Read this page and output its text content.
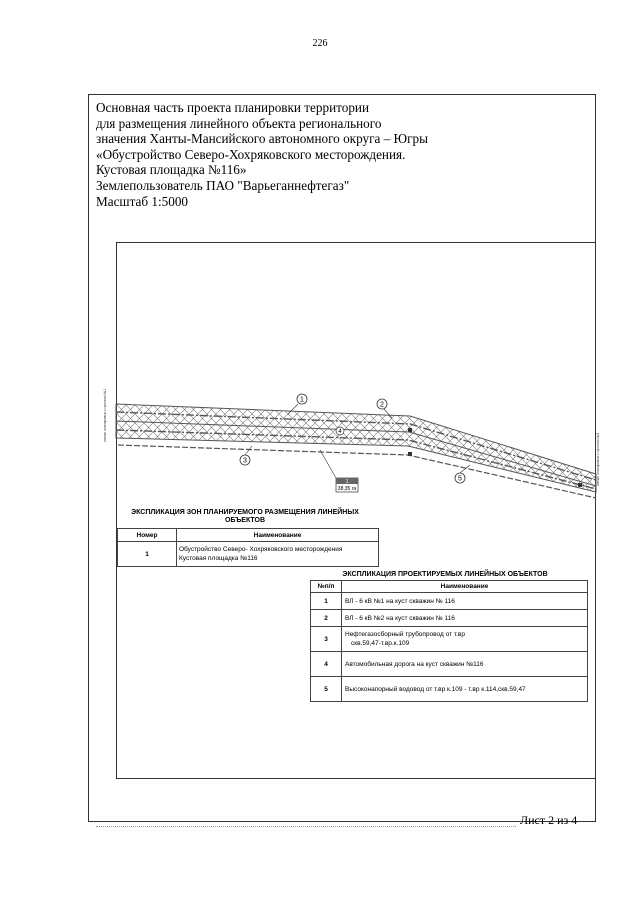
226
Основная часть проекта планировки территории
для размещения линейного объекта регионального
значения Ханты-Мансийского автономного округа – Югры
«Обустройство Северо-Хохряковского месторождения.
Кустовая площадка №116»
Землепользователь ПАО "Варьеганнефтегаз"
Масштаб 1:5000
1
2
3
4
5
1
38,35 га
линия планировки с пунктом №1
линия планировки с пунктом №3
ЭКСПЛИКАЦИЯ ЗОН ПЛАНИРУЕМОГО РАЗМЕЩЕНИЯ ЛИНЕЙНЫХ ОБЪЕКТОВ
Номер	Наименование
1	Обустройство Северо- Хохряковского месторождения
Кустовая площадка №116
ЭКСПЛИКАЦИЯ ПРОЕКТИРУЕМЫХ ЛИНЕЙНЫХ ОБЪЕКТОВ
№п/п	Наименование
1	ВЛ - 6 кВ №1 на куст скважин № 116
2	ВЛ - 6 кВ №2 на куст скважин № 116
3	Нефтегазосборный трубопровод от т.вр
скв.59,47-т.вр.к.109

4	Автомобильная дорога на куст скважин №116
5	Высоконапорный водовод от т.вр к.109 - т.вр к.114,скв.59,47
Лист 2 из 4
